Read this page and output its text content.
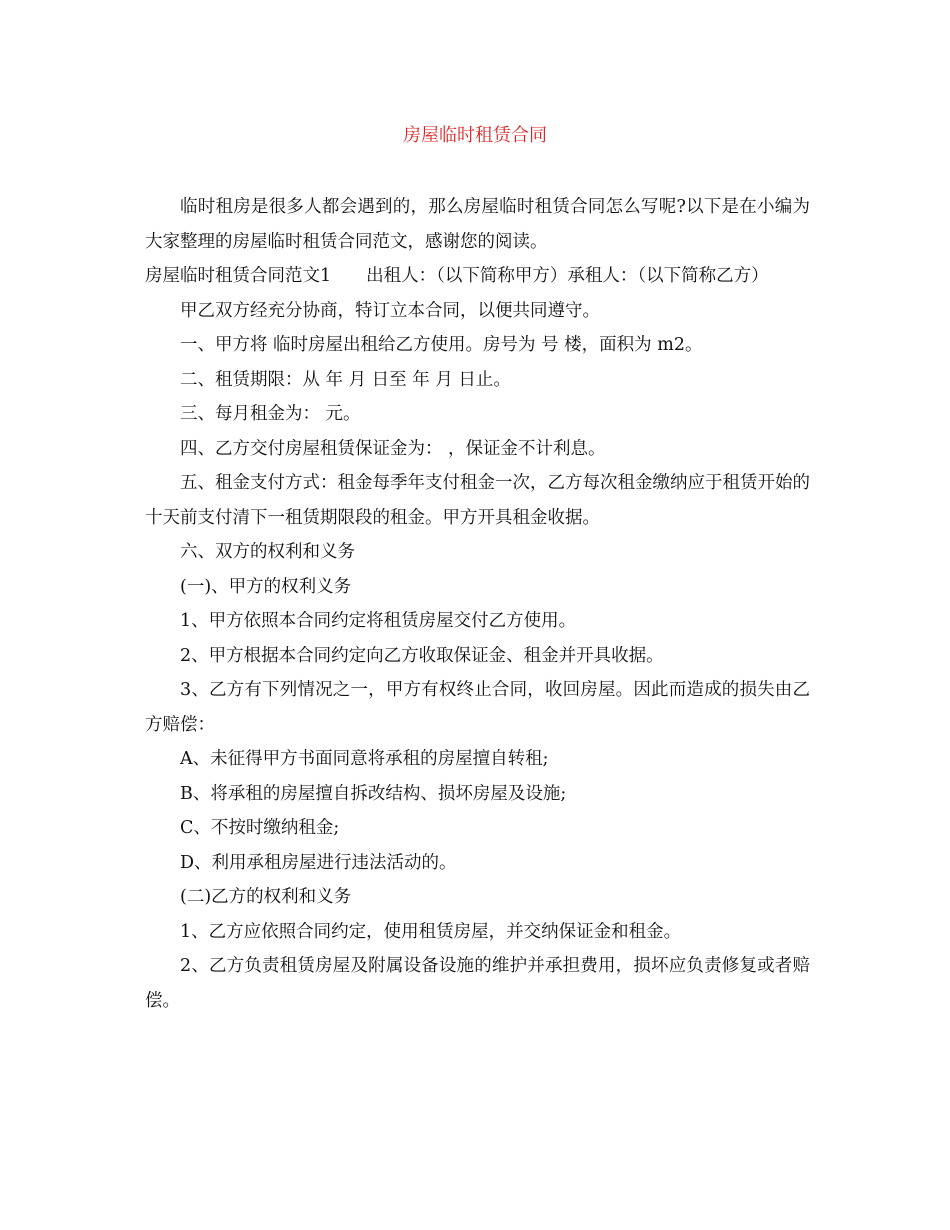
房屋临时租赁合同

临时租房是很多人都会遇到的，那么房屋临时租赁合同怎么写呢?以下是在小编为大家整理的房屋临时租赁合同范文，感谢您的阅读。

房屋临时租赁合同范文1　　出租人：（以下简称甲方）承租人：（以下简称乙方）

甲乙双方经充分协商，特订立本合同，以便共同遵守。

一、甲方将 临时房屋出租给乙方使用。房号为 号 楼，面积为 m2。

二、租赁期限：从 年 月 日至 年 月 日止。

三、每月租金为： 元。

四、乙方交付房屋租赁保证金为： ，保证金不计利息。

五、租金支付方式：租金每季年支付租金一次，乙方每次租金缴纳应于租赁开始的十天前支付清下一租赁期限段的租金。甲方开具租金收据。

六、双方的权利和义务

(一)、甲方的权利义务

1、甲方依照本合同约定将租赁房屋交付乙方使用。

2、甲方根据本合同约定向乙方收取保证金、租金并开具收据。

3、乙方有下列情况之一，甲方有权终止合同，收回房屋。因此而造成的损失由乙方赔偿：

A、未征得甲方书面同意将承租的房屋擅自转租;

B、将承租的房屋擅自拆改结构、损坏房屋及设施;

C、不按时缴纳租金;

D、利用承租房屋进行违法活动的。

(二)乙方的权利和义务

1、乙方应依照合同约定，使用租赁房屋，并交纳保证金和租金。

2、乙方负责租赁房屋及附属设备设施的维护并承担费用，损坏应负责修复或者赔偿。
